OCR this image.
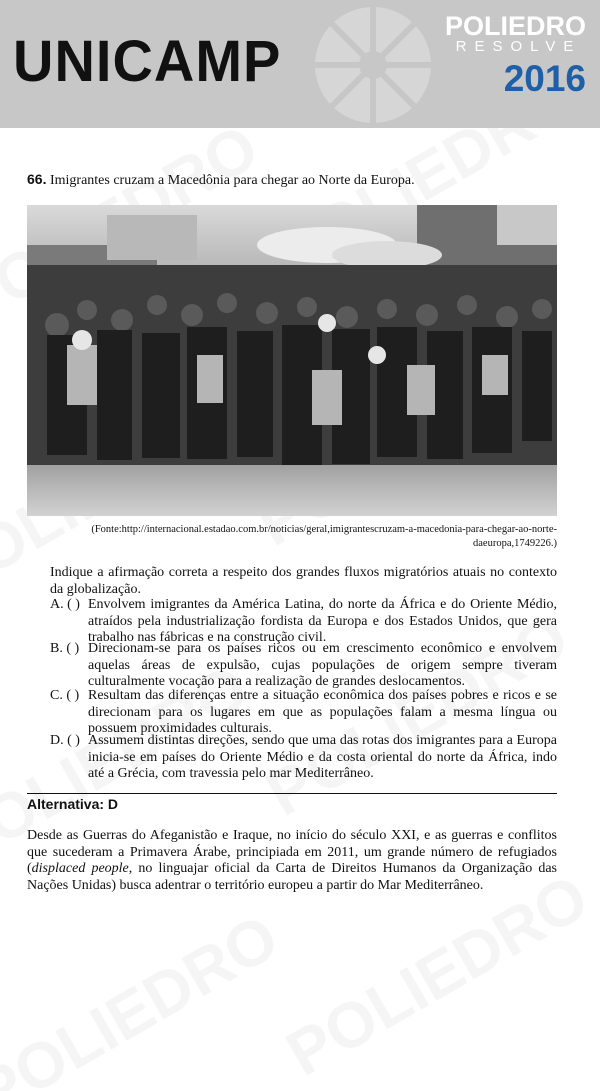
UNICAMP
POLIEDRO
RESOLVE
2016
66. Imigrantes cruzam a Macedônia para chegar ao Norte da Europa.
(Fonte:http://internacional.estadao.com.br/noticias/geral,imigrantescruzam-a-macedonia-para-chegar-ao-norte-daeuropa,1749226.)
Indique a afirmação correta a respeito dos grandes fluxos migratórios atuais no contexto da globalização.
A. ( ) Envolvem imigrantes da América Latina, do norte da África e do Oriente Médio, atraídos pela industrialização fordista da Europa e dos Estados Unidos, que gera trabalho nas fábricas e na construção civil.
B. ( ) Direcionam-se para os países ricos ou em crescimento econômico e envolvem aquelas áreas de expulsão, cujas populações de origem sempre tiveram culturalmente vocação para a realização de grandes deslocamentos.
C. ( ) Resultam das diferenças entre a situação econômica dos países pobres e ricos e se direcionam para os lugares em que as populações falam a mesma língua ou possuem proximidades culturais.
D. ( ) Assumem distintas direções, sendo que uma das rotas dos imigrantes para a Europa inicia-se em países do Oriente Médio e da costa oriental do norte da África, indo até a Grécia, com travessia pelo mar Mediterrâneo.
Alternativa: D
Desde as Guerras do Afeganistão e Iraque, no início do século XXI, e as guerras e conflitos que sucederam a Primavera Árabe, principiada em 2011, um grande número de refugiados (displaced people, no linguajar oficial da Carta de Direitos Humanos da Organização das Nações Unidas) busca adentrar o território europeu a partir do Mar Mediterrâneo.
